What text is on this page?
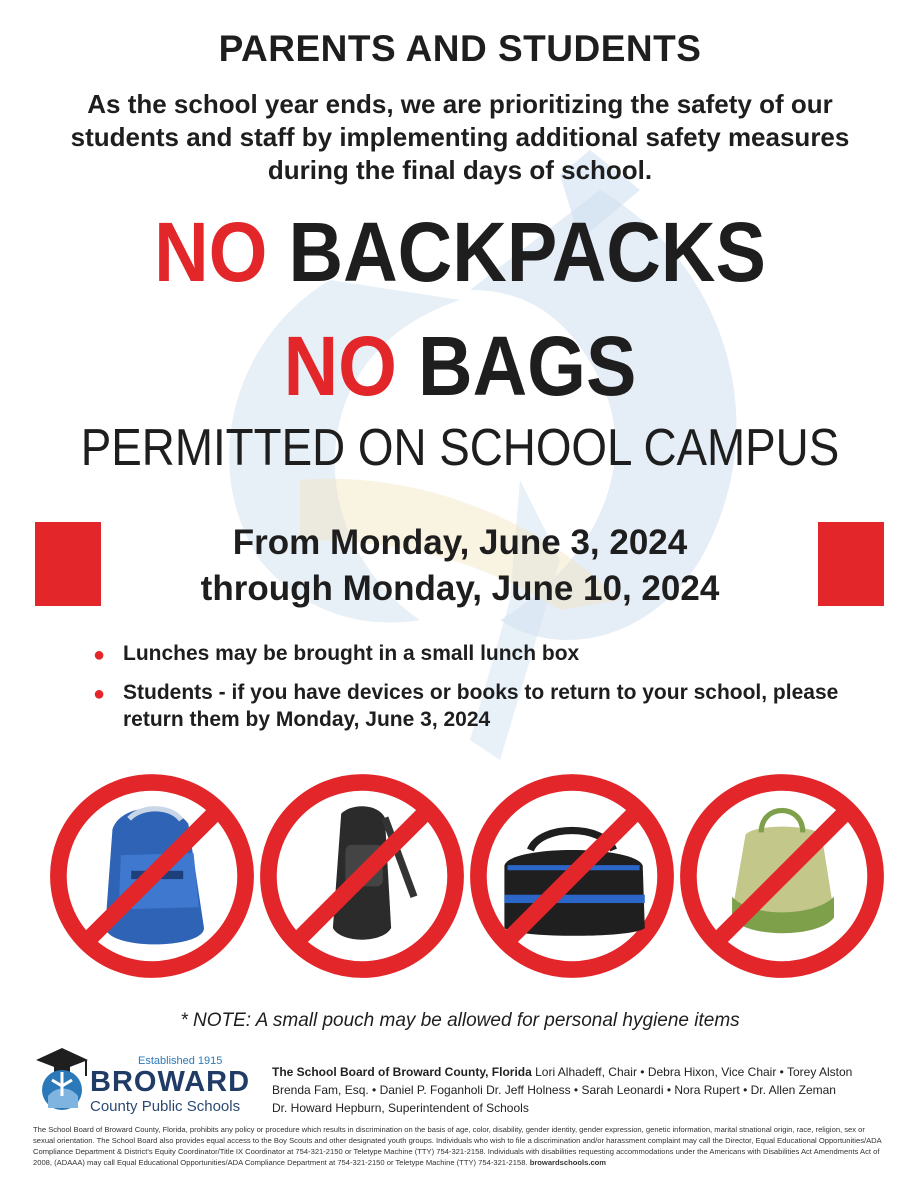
PARENTS AND STUDENTS
As the school year ends, we are prioritizing the safety of our students and staff by implementing additional safety measures during the final days of school.
NO BACKPACKS
NO BAGS
PERMITTED ON SCHOOL CAMPUS
From Monday, June 3, 2024
through Monday, June 10, 2024
● Lunches may be brought in a small lunch box
● Students - if you have devices or books to return to your school, please return them by Monday, June 3, 2024
* NOTE: A small pouch may be allowed for personal hygiene items
Established 1915
BROWARD
County Public Schools
The School Board of Broward County, Florida Lori Alhadeff, Chair • Debra Hixon, Vice Chair • Torey Alston
Brenda Fam, Esq. • Daniel P. Foganholi Dr. Jeff Holness • Sarah Leonardi • Nora Rupert • Dr. Allen Zeman
Dr. Howard Hepburn, Superintendent of Schools
The School Board of Broward County, Florida, prohibits any policy or procedure which results in discrimination on the basis of age, color, disability, gender identity, gender expression, genetic information, marital stnational origin, race, religion, sex or sexual orientation. The School Board also provides equal access to the Boy Scouts and other designated youth groups. Individuals who wish to file a discrimination and/or harassment complaint may call the Director, Equal Educational Opportunities/ADA Compliance Department & District's Equity Coordinator/Title IX Coordinator at 754-321-2150 or Teletype Machine (TTY) 754-321-2158. Individuals with disabilities requesting accommodations under the Americans with Disabilities Act Amendments Act of 2008, (ADAAA) may call Equal Educational Opportunities/ADA Compliance Department at 754-321-2150 or Teletype Machine (TTY) 754-321-2158. browardschools.com
